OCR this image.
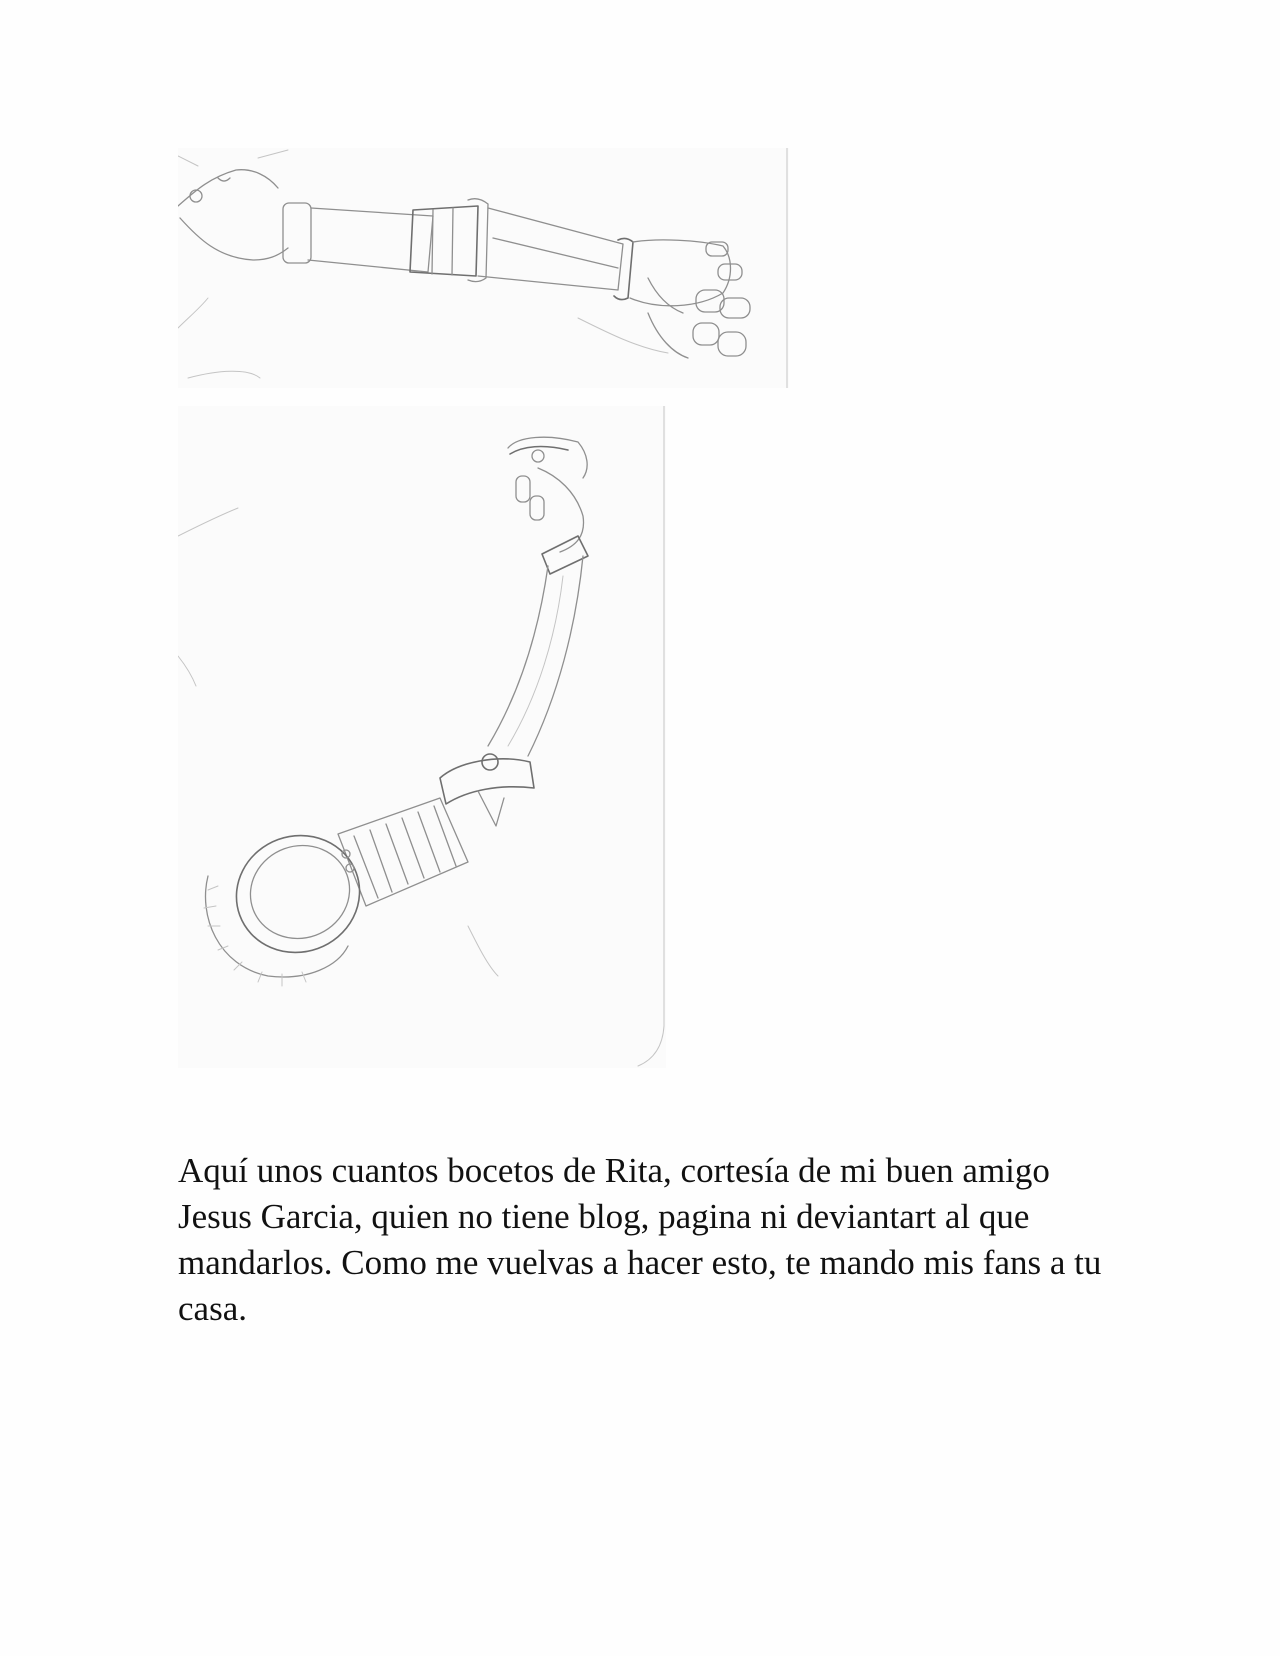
Aquí unos cuantos bocetos de Rita, cortesía de mi buen amigo Jesus Garcia, quien no tiene blog, pagina ni deviantart al que mandarlos. Como me vuelvas a hacer esto, te mando mis fans a tu casa.
